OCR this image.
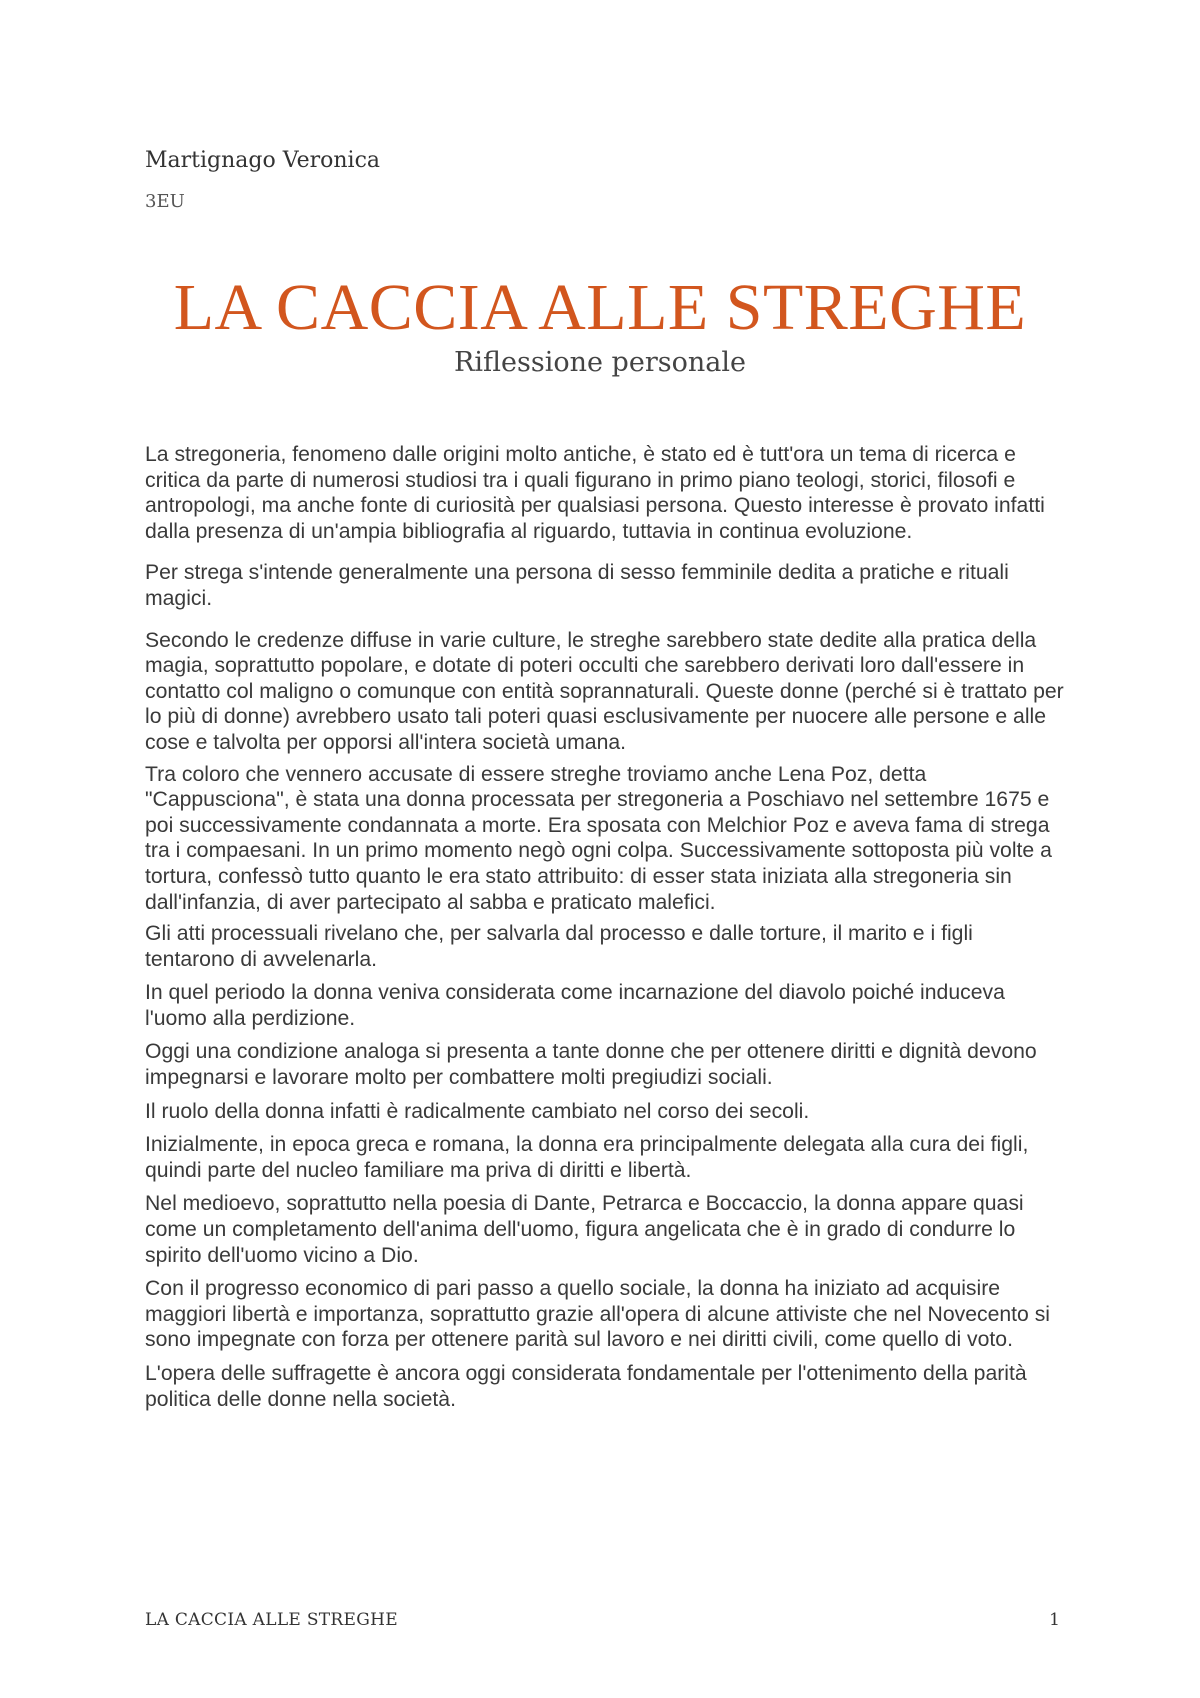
Martignago Veronica
3EU
LA CACCIA ALLE STREGHE
Riflessione personale

La stregoneria, fenomeno dalle origini molto antiche, è stato ed è tutt'ora un tema di ricerca e critica da parte di numerosi studiosi tra i quali figurano in primo piano teologi, storici, filosofi e antropologi, ma anche fonte di curiosità per qualsiasi persona. Questo interesse è provato infatti dalla presenza di un'ampia bibliografia al riguardo, tuttavia in continua evoluzione.

Per strega s'intende generalmente una persona di sesso femminile dedita a pratiche e rituali magici.

Secondo le credenze diffuse in varie culture, le streghe sarebbero state dedite alla pratica della magia, soprattutto popolare, e dotate di poteri occulti che sarebbero derivati loro dall'essere in contatto col maligno o comunque con entità soprannaturali. Queste donne (perché si è trattato per lo più di donne) avrebbero usato tali poteri quasi esclusivamente per nuocere alle persone e alle cose e talvolta per opporsi all'intera società umana.

Tra coloro che vennero accusate di essere streghe troviamo anche Lena Poz, detta "Cappusciona", è stata una donna processata per stregoneria a Poschiavo nel settembre 1675 e poi successivamente condannata a morte. Era sposata con Melchior Poz e aveva fama di strega tra i compaesani. In un primo momento negò ogni colpa. Successivamente sottoposta più volte a tortura, confessò tutto quanto le era stato attribuito: di esser stata iniziata alla stregoneria sin dall'infanzia, di aver partecipato al sabba e praticato malefici.

Gli atti processuali rivelano che, per salvarla dal processo e dalle torture, il marito e i figli tentarono di avvelenarla.

In quel periodo la donna veniva considerata come incarnazione del diavolo poiché induceva l'uomo alla perdizione.

Oggi una condizione analoga si presenta a tante donne che per ottenere diritti e dignità devono impegnarsi e lavorare molto per combattere molti pregiudizi sociali.

Il ruolo della donna infatti è radicalmente cambiato nel corso dei secoli.

Inizialmente, in epoca greca e romana, la donna era principalmente delegata alla cura dei figli, quindi parte del nucleo familiare ma priva di diritti e libertà.

Nel medioevo, soprattutto nella poesia di Dante, Petrarca e Boccaccio, la donna appare quasi come un completamento dell'anima dell'uomo, figura angelicata che è in grado di condurre lo spirito dell'uomo vicino a Dio.

Con il progresso economico di pari passo a quello sociale, la donna ha iniziato ad acquisire maggiori libertà e importanza, soprattutto grazie all'opera di alcune attiviste che nel Novecento si sono impegnate con forza per ottenere parità sul lavoro e nei diritti civili, come quello di voto.

L'opera delle suffragette è ancora oggi considerata fondamentale per l'ottenimento della parità politica delle donne nella società.

LA CACCIA ALLE STREGHE	1
